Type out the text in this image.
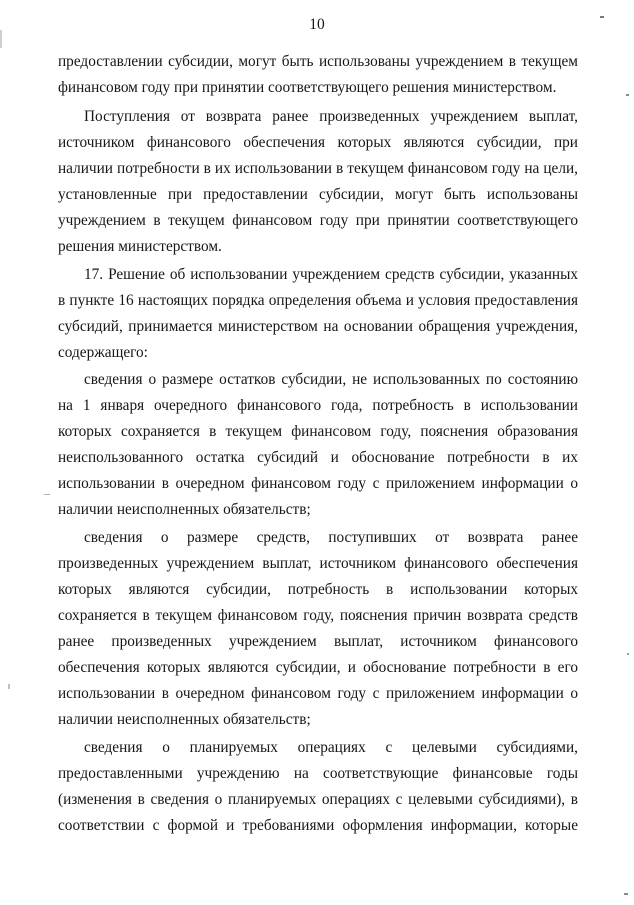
10
предоставлении субсидии, могут быть использованы учреждением в текущем
финансовом году при принятии соответствующего решения министерством.
Поступления от возврата ранее произведенных учреждением выплат,
источником финансового обеспечения которых являются субсидии, при
наличии потребности в их использовании в текущем финансовом году на цели,
установленные при предоставлении субсидии, могут быть использованы
учреждением в текущем финансовом году при принятии соответствующего
решения министерством.
17. Решение об использовании учреждением средств субсидии, указанных
в пункте 16 настоящих порядка определения объема и условия предоставления
субсидий, принимается министерством на основании обращения учреждения,
содержащего:
сведения о размере остатков субсидии, не использованных по состоянию
на 1 января очередного финансового года, потребность в использовании
которых сохраняется в текущем финансовом году, пояснения образования
неиспользованного остатка субсидий и обоснование потребности в их
использовании в очередном финансовом году с приложением информации о
наличии неисполненных обязательств;
сведения о размере средств, поступивших от возврата ранее
произведенных учреждением выплат, источником финансового обеспечения
которых являются субсидии, потребность в использовании которых
сохраняется в текущем финансовом году, пояснения причин возврата средств
ранее произведенных учреждением выплат, источником финансового
обеспечения которых являются субсидии, и обоснование потребности в его
использовании в очередном финансовом году с приложением информации о
наличии неисполненных обязательств;
сведения о планируемых операциях с целевыми субсидиями,
предоставленными учреждению на соответствующие финансовые годы
(изменения в сведения о планируемых операциях с целевыми субсидиями), в
соответствии с формой и требованиями оформления информации, которые
